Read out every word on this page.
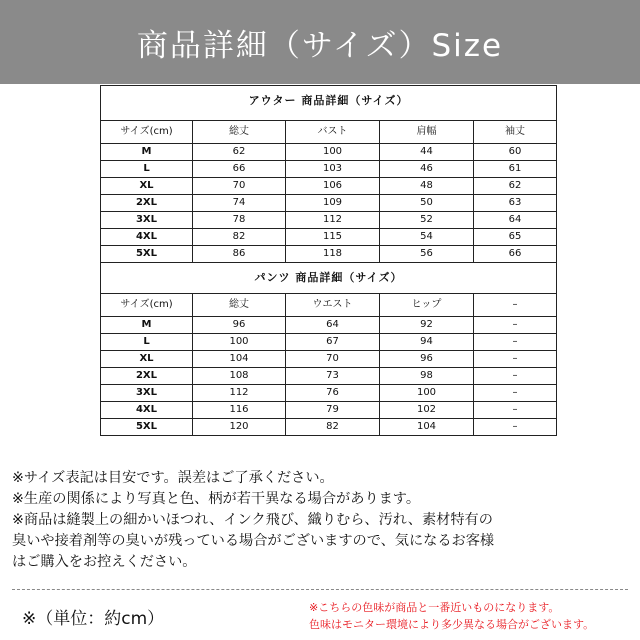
商品詳細（サイズ）Size
アウター 商品詳細（サイズ）				

サイズ(cm)	総丈	バスト	肩幅	袖丈
M	62	100	44	60
L	66	103	46	61
XL	70	106	48	62
2XL	74	109	50	63
3XL	78	112	52	64
4XL	82	115	54	65
5XL	86	118	56	66
パンツ 商品詳細（サイズ）				
サイズ(cm)	総丈	ウエスト	ヒップ	–
M	96	64	92	–
L	100	67	94	–
XL	104	70	96	–
2XL	108	73	98	–
3XL	112	76	100	–
4XL	116	79	102	–
5XL	120	82	104	–

※サイズ表記は目安です。誤差はご了承ください。

※生産の関係により写真と色、柄が若干異なる場合があります。

※商品は縫製上の細かいほつれ、インク飛び、織りむら、汚れ、素材特有の

臭いや接着剤等の臭いが残っている場合がございますので、気になるお客様

はご購入をお控えください。

※（単位：約cm）

※こちらの色味が商品と一番近いものになります。

色味はモニター環境により多少異なる場合がございます。
